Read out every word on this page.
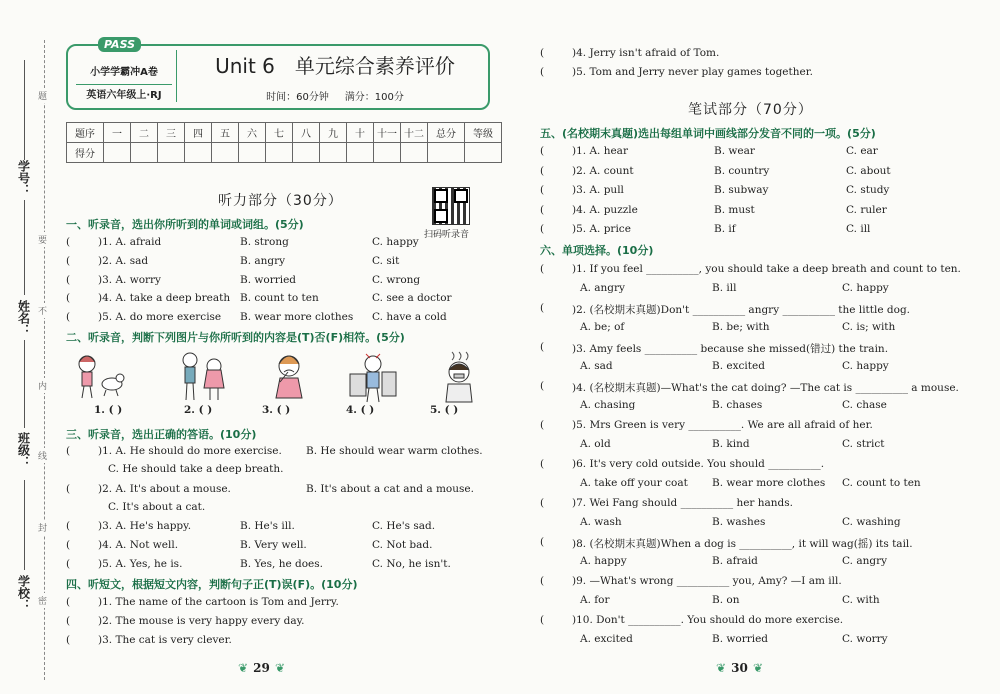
学号：
姓名：
班级：
学校：
题
要
不
内
线
封
密
PASS
小学学霸冲A卷
英语六年级上·RJ
Unit 6　单元综合素养评价
时间：60分钟 满分：100分
题序	一	二	三	四	五	六	七	八	九	十	十一	十二	总分	等级
得分														
听力部分（30分）
扫码听录音
一、听录音，选出你所听到的单词或词组。(5分)
二、听录音，判断下列图片与你所听到的内容是(T)否(F)相符。(5分)
三、听录音，选出正确的答语。(10分)
四、听短文，根据短文内容，判断句子正(T)误(F)。(10分)
❦ 29 ❦
笔试部分（70分）
五、(名校期末真题)选出每组单词中画线部分发音不同的一项。(5分)
六、单项选择。(10分)
❦ 30 ❦
(	)1. A. afraid	B. strong	C. happy
(	)2. A. sad	B. angry	C. sit
(	)3. A. worry	B. worried	C. wrong
(	)4. A. take a deep breath B. count to ten	C. see a doctor
(	)5. A. do more exercise B. wear more clothes C. have a cold
1. ( )	2. ( )	3. ( )	4. ( )	5. ( )
(	)1. A. He should do more exercise. B. He should wear warm clothes.
C. He should take a deep breath.
(	)2. A. It's about a mouse.	B. It's about a cat and a mouse.
C. It's about a cat.
(	)3. A. He's happy.	B. He's ill.	C. He's sad.
(	)4. A. Not well.	B. Very well.	C. Not bad.
(	)5. A. Yes, he is.	B. Yes, he does.	C. No, he isn't.
(	)1. The name of the cartoon is Tom and Jerry.
(	)2. The mouse is very happy every day.
(	)3. The cat is very clever.
(	)4. Jerry isn't afraid of Tom.
(	)5. Tom and Jerry never play games together.
(	)1. A. hear	B. wear	C. ear
(	)2. A. count	B. country	C. about
(	)3. A. pull	B. subway	C. study
(	)4. A. puzzle	B. must	C. ruler
(	)5. A. price	B. if	C. ill
(	)1. If you feel __________, you should take a deep breath and count to ten.
A. angry	B. ill	C. happy
(	)2. (名校期末真题)Don't __________ angry __________ the little dog.
A. be; of	B. be; with	C. is; with
(	)3. Amy feels __________ because she missed(错过) the train.
A. sad	B. excited	C. happy
(	)4. (名校期末真题)—What's the cat doing? —The cat is __________ a mouse.
A. chasing	B. chases	C. chase
(	)5. Mrs Green is very __________. We are all afraid of her.
A. old	B. kind	C. strict
(	)6. It's very cold outside. You should __________.
A. take off your coat B. wear more clothes C. count to ten
(	)7. Wei Fang should __________ her hands.
A. wash	B. washes	C. washing
(	)8. (名校期末真题)When a dog is __________, it will wag(摇) its tail.
A. happy	B. afraid	C. angry
(	)9. —What's wrong __________ you, Amy? —I am ill.
A. for	B. on	C. with
(	)10. Don't __________. You should do more exercise.
A. excited	B. worried	C. worry
